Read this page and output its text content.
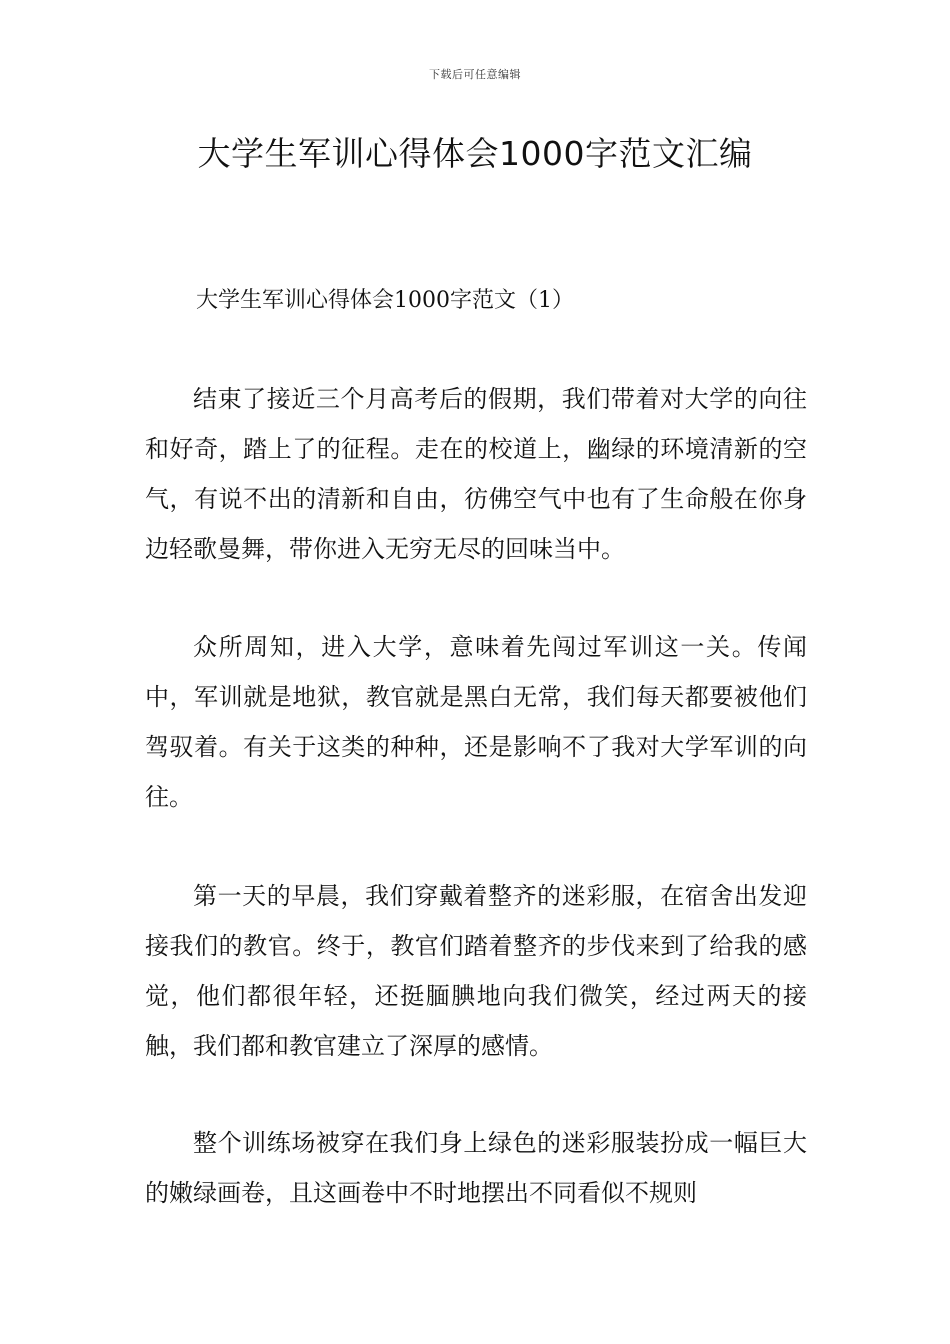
下载后可任意编辑
大学生军训心得体会1000字范文汇编
大学生军训心得体会1000字范文（1）

结束了接近三个月高考后的假期，我们带着对大学的向往和好奇，踏上了的征程。走在的校道上，幽绿的环境清新的空气，有说不出的清新和自由，彷佛空气中也有了生命般在你身边轻歌曼舞，带你进入无穷无尽的回味当中。

众所周知，进入大学，意味着先闯过军训这一关。传闻中，军训就是地狱，教官就是黑白无常，我们每天都要被他们驾驭着。有关于这类的种种，还是影响不了我对大学军训的向往。

第一天的早晨，我们穿戴着整齐的迷彩服，在宿舍出发迎接我们的教官。终于，教官们踏着整齐的步伐来到了给我的感觉，他们都很年轻，还挺腼腆地向我们微笑，经过两天的接触，我们都和教官建立了深厚的感情。

整个训练场被穿在我们身上绿色的迷彩服装扮成一幅巨大的嫩绿画卷，且这画卷中不时地摆出不同看似不规则
